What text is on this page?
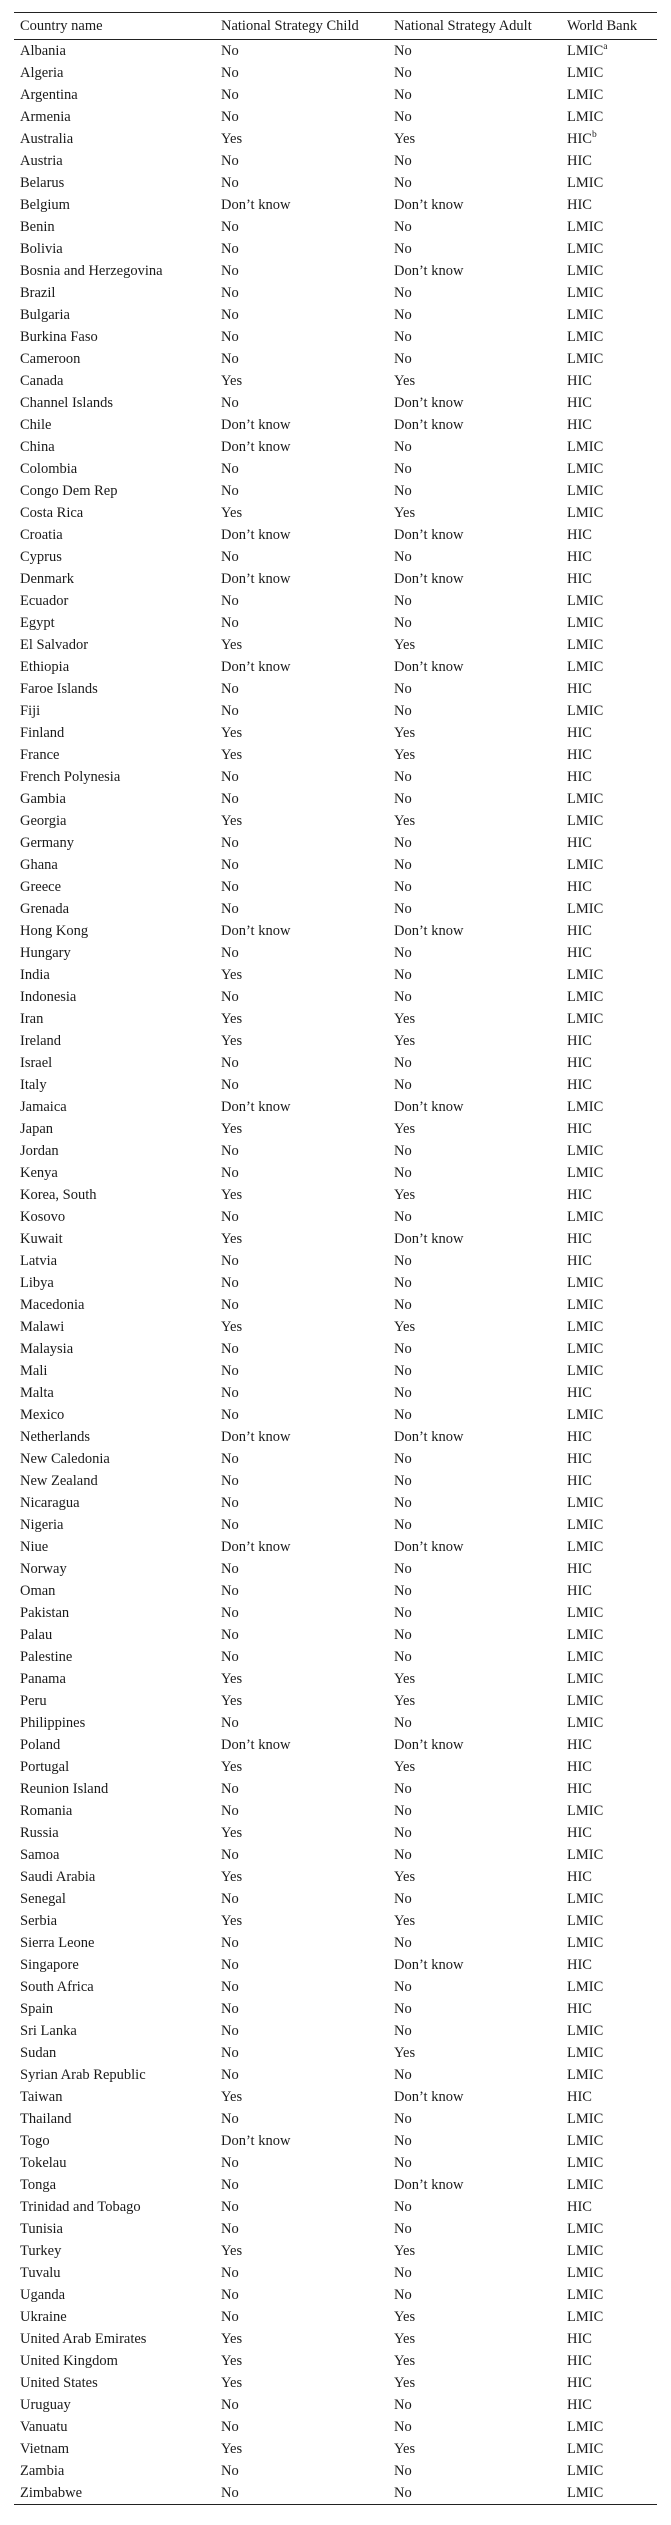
Country name	National Strategy Child	National Strategy Adult	World Bank
Albania	No	No	LMIC$^a$
Algeria	No	No	LMIC
Argentina	No	No	LMIC
Armenia	No	No	LMIC
Australia	Yes	Yes	HIC$^b$
Austria	No	No	HIC
Belarus	No	No	LMIC
Belgium	Don’t know	Don’t know	HIC
Benin	No	No	LMIC
Bolivia	No	No	LMIC
Bosnia and Herzegovina	No	Don’t know	LMIC
Brazil	No	No	LMIC
Bulgaria	No	No	LMIC
Burkina Faso	No	No	LMIC
Cameroon	No	No	LMIC
Canada	Yes	Yes	HIC
Channel Islands	No	Don’t know	HIC
Chile	Don’t know	Don’t know	HIC
China	Don’t know	No	LMIC
Colombia	No	No	LMIC
Congo Dem Rep	No	No	LMIC
Costa Rica	Yes	Yes	LMIC
Croatia	Don’t know	Don’t know	HIC
Cyprus	No	No	HIC
Denmark	Don’t know	Don’t know	HIC
Ecuador	No	No	LMIC
Egypt	No	No	LMIC
El Salvador	Yes	Yes	LMIC
Ethiopia	Don’t know	Don’t know	LMIC
Faroe Islands	No	No	HIC
Fiji	No	No	LMIC
Finland	Yes	Yes	HIC
France	Yes	Yes	HIC
French Polynesia	No	No	HIC
Gambia	No	No	LMIC
Georgia	Yes	Yes	LMIC
Germany	No	No	HIC
Ghana	No	No	LMIC
Greece	No	No	HIC
Grenada	No	No	LMIC
Hong Kong	Don’t know	Don’t know	HIC
Hungary	No	No	HIC
India	Yes	No	LMIC
Indonesia	No	No	LMIC
Iran	Yes	Yes	LMIC
Ireland	Yes	Yes	HIC
Israel	No	No	HIC
Italy	No	No	HIC
Jamaica	Don’t know	Don’t know	LMIC
Japan	Yes	Yes	HIC
Jordan	No	No	LMIC
Kenya	No	No	LMIC
Korea, South	Yes	Yes	HIC
Kosovo	No	No	LMIC
Kuwait	Yes	Don’t know	HIC
Latvia	No	No	HIC
Libya	No	No	LMIC
Macedonia	No	No	LMIC
Malawi	Yes	Yes	LMIC
Malaysia	No	No	LMIC
Mali	No	No	LMIC
Malta	No	No	HIC
Mexico	No	No	LMIC
Netherlands	Don’t know	Don’t know	HIC
New Caledonia	No	No	HIC
New Zealand	No	No	HIC
Nicaragua	No	No	LMIC
Nigeria	No	No	LMIC
Niue	Don’t know	Don’t know	LMIC
Norway	No	No	HIC
Oman	No	No	HIC
Pakistan	No	No	LMIC
Palau	No	No	LMIC
Palestine	No	No	LMIC
Panama	Yes	Yes	LMIC
Peru	Yes	Yes	LMIC
Philippines	No	No	LMIC
Poland	Don’t know	Don’t know	HIC
Portugal	Yes	Yes	HIC
Reunion Island	No	No	HIC
Romania	No	No	LMIC
Russia	Yes	No	HIC
Samoa	No	No	LMIC
Saudi Arabia	Yes	Yes	HIC
Senegal	No	No	LMIC
Serbia	Yes	Yes	LMIC
Sierra Leone	No	No	LMIC
Singapore	No	Don’t know	HIC
South Africa	No	No	LMIC
Spain	No	No	HIC
Sri Lanka	No	No	LMIC
Sudan	No	Yes	LMIC
Syrian Arab Republic	No	No	LMIC
Taiwan	Yes	Don’t know	HIC
Thailand	No	No	LMIC
Togo	Don’t know	No	LMIC
Tokelau	No	No	LMIC
Tonga	No	Don’t know	LMIC
Trinidad and Tobago	No	No	HIC
Tunisia	No	No	LMIC
Turkey	Yes	Yes	LMIC
Tuvalu	No	No	LMIC
Uganda	No	No	LMIC
Ukraine	No	Yes	LMIC
United Arab Emirates	Yes	Yes	HIC
United Kingdom	Yes	Yes	HIC
United States	Yes	Yes	HIC
Uruguay	No	No	HIC
Vanuatu	No	No	LMIC
Vietnam	Yes	Yes	LMIC
Zambia	No	No	LMIC
Zimbabwe	No	No	LMIC
